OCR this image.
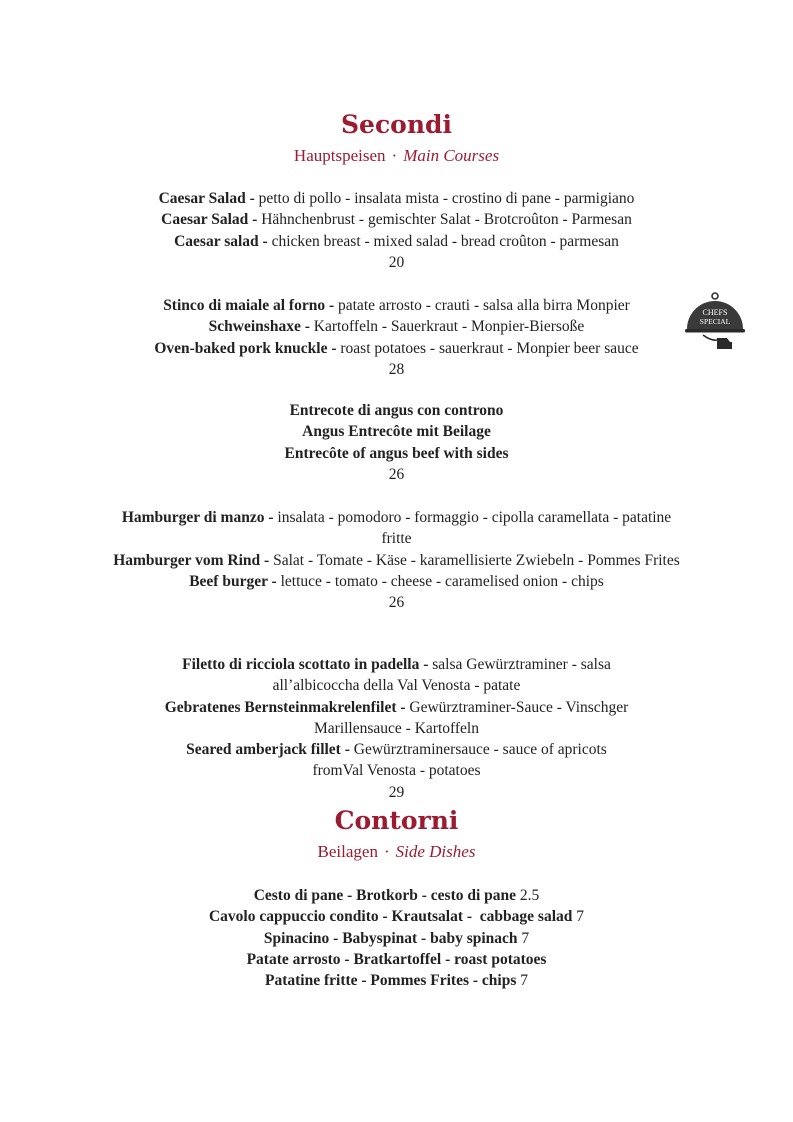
Secondi
Hauptspeisen · Main Courses
Caesar Salad - petto di pollo - insalata mista - crostino di pane - parmigiano
Caesar Salad - Hähnchenbrust - gemischter Salat - Brotcroûton - Parmesan
Caesar salad - chicken breast - mixed salad - bread croûton - parmesan
20
Stinco di maiale al forno - patate arrosto - crauti - salsa alla birra Monpier
Schweinshaxe - Kartoffeln - Sauerkraut - Monpier-Biersoße
Oven-baked pork knuckle - roast potatoes - sauerkraut - Monpier beer sauce
28
CHEFS
SPECIAL
Entrecote di angus con controno
Angus Entrecôte mit Beilage
Entrecôte of angus beef with sides
26
Hamburger di manzo - insalata - pomodoro - formaggio - cipolla caramellata - patatine fritte
Hamburger vom Rind - Salat - Tomate - Käse - karamellisierte Zwiebeln - Pommes Frites
Beef burger - lettuce - tomato - cheese - caramelised onion - chips
26
Filetto di ricciola scottato in padella - salsa Gewürztraminer - salsa all’albicoccha della Val Venosta - patate
Gebratenes Bernsteinmakrelenfilet - Gewürztraminer-Sauce - Vinschger Marillensauce - Kartoffeln
Seared amberjack fillet - Gewürztraminersauce - sauce of apricots fromVal Venosta - potatoes
29
Contorni
Beilagen · Side Dishes
Cesto di pane - Brotkorb - cesto di pane 2.5
Cavolo cappuccio condito - Krautsalat -  cabbage salad 7
Spinacino - Babyspinat - baby spinach 7
Patate arrosto - Bratkartoffel - roast potatoes
Patatine fritte - Pommes Frites - chips 7
